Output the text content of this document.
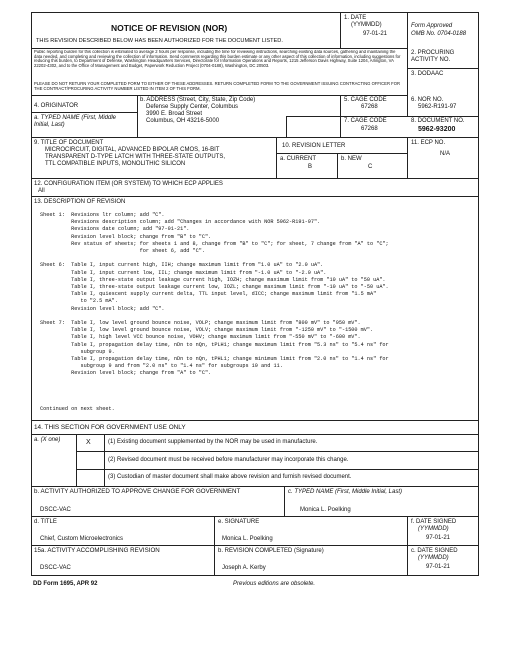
NOTICE OF REVISION (NOR)
THIS REVISION DESCRIBED BELOW HAS BEEN AUTHORIZED FOR THE DOCUMENT LISTED.
1. DATE
(YYMMDD)
97-01-21
Form Approved
OMB No. 0704-0188
Public reporting burden for this collection is estimated to average 2 hours per response, including the time for reviewing instructions, searching existing data sources, gathering and maintaining the data needed, and completing and reviewing the collection of information. Send comments regarding this burden estimate or any other aspect of this collection of information, including suggestions for reducing this burden, to Department of Defense, Washington Headquarters Services, Directorate for Information Operations and Reports, 1215 Jefferson Davis Highway, Suite 1204, Arlington, VA 22202-4302, and to the Office of Management and Budget, Paperwork Reduction Project (0704-0188), Washington, DC 20503.
PLEASE DO NOT RETURN YOUR COMPLETED FORM TO EITHER OF THESE ADDRESSES. RETURN COMPLETED FORM TO THE GOVERNMENT ISSUING CONTRACTING OFFICER FOR THE CONTRACT/PROCURING ACTIVITY NUMBER LISTED IN ITEM 2 OF THIS FORM.
2. PROCURING ACTIVITY NO.
3. DODAAC
4. ORIGINATOR
a. TYPED NAME (First, Middle Initial, Last)
b. ADDRESS (Street, City, State, Zip Code)
Defense Supply Center, Columbus
3990 E. Broad Street
Columbus, OH 43216-5000
5. CAGE CODE
67268
6. NOR NO.
5962-R191-97
7. CAGE CODE
67268
8. DOCUMENT NO.
5962-93200
9. TITLE OF DOCUMENT
MICROCIRCUIT, DIGITAL, ADVANCED BIPOLAR CMOS, 16-BIT
TRANSPARENT D-TYPE LATCH WITH THREE-STATE OUTPUTS,
TTL COMPATIBLE INPUTS, MONOLITHIC SILICON
10. REVISION LETTER
a. CURRENT
B
b. NEW
C
11. ECP NO.
N/A
12. CONFIGURATION ITEM (OR SYSTEM) TO WHICH ECP APPLIES
All
13. DESCRIPTION OF REVISION
Sheet 1:  Revisions ltr column; add "C".
Revisions description column; add "Changes in accordance with NOR 5962-R191-97".
Revisions date column; add "97-01-21".
Revision level block; change from "B" to "C".
Rev status of sheets; for sheets 1 and 8, change from "B" to "C"; for sheet, 7 change from "A" to "C";
for sheet 6, add "C".
Sheet 6:  Table I, input current high, IIH; change maximum limit from "1.0 uA" to "2.0 uA".
Table I, input current low, IIL; change maximum limit from "-1.0 uA" to "-2.0 uA".
Table I, three-state output leakage current high, IOZH; change maximum limit from "10 uA" to "50 uA".
Table I, three-state output leakage current low, IOZL; change maximum limit from "-10 uA" to "-50 uA".
Table I, quiescent supply current delta, TTL input level, dICC; change maximum limit from "1.5 mA"
to "2.5 mA".
Revision level block; add "C".
Sheet 7:  Table I, low level ground bounce noise, VOLP; change maximum limit from "800 mV" to "950 mV".
Table I, low level ground bounce noise, VOLV; change maximum limit from "-1250 mV" to "-1500 mV".
Table I, high level VCC bounce noise, VOHV; change maximum limit from "-550 mV" to "-600 mV".
Table I, propagation delay time, nDn to nQn, tPLH1; change maximum limit from "5.3 ns" to "5.4 ns" for
subgroup 9.
Table I, propagation delay time, nDn to nQn, tPHL1; change minimum limit from "2.0 ns" to "1.4 ns" for
subgroup 9 and from "2.0 ns" to "1.4 ns" for subgroups 10 and 11.
Revision level block; change from "A" to "C".
Continued on next sheet.
14. THIS SECTION FOR GOVERNMENT USE ONLY
a. (X one)	X	(1) Existing document supplemented by the NOR may be used in manufacture.
(2) Revised document must be received before manufacturer may incorporate this change.
(3) Custodian of master document shall make above revision and furnish revised document.
b. ACTIVITY AUTHORIZED TO APPROVE CHANGE FOR GOVERNMENT
DSCC-VAC
c. TYPED NAME (First, Middle Initial, Last)
Monica L. Poelking
d. TITLE
Chief, Custom Microelectronics
e. SIGNATURE
Monica L. Poelking
f. DATE SIGNED
(YYMMDD)
97-01-21
15a. ACTIVITY ACCOMPLISHING REVISION
DSCC-VAC
b. REVISION COMPLETED (Signature)
Joseph A. Kerby
c. DATE SIGNED
(YYMMDD)
97-01-21
DD Form 1695, APR 92	Previous editions are obsolete.
